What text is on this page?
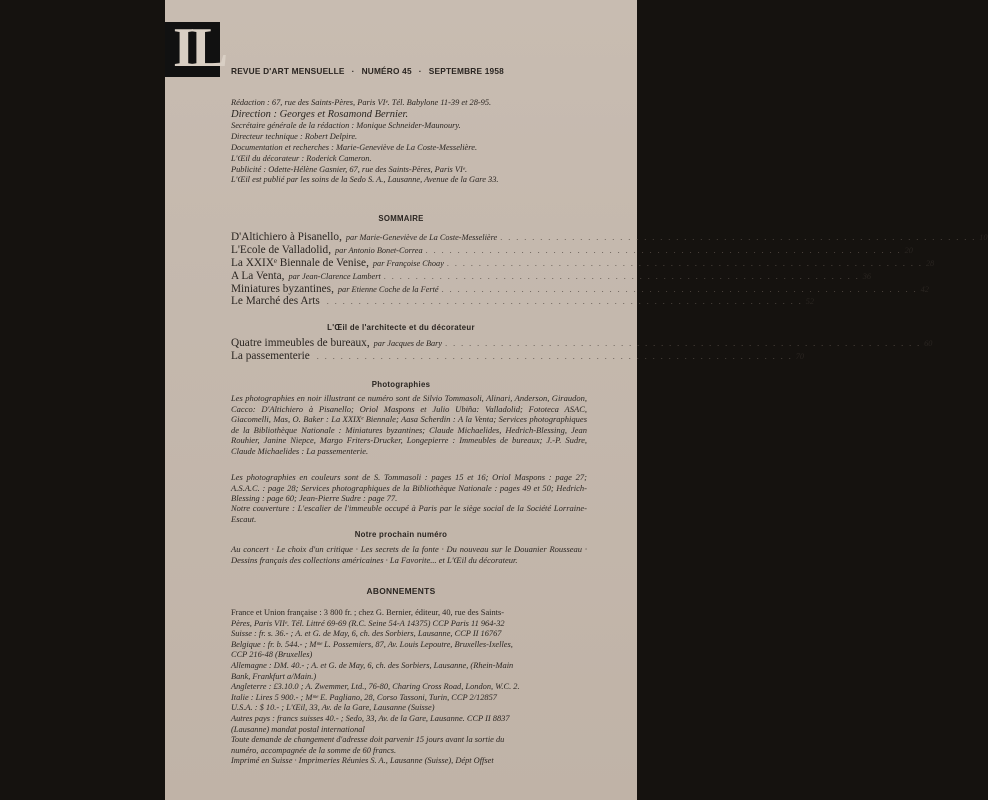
IL REVUE D'ART MENSUELLE · NUMÉRO 45 · SEPTEMBRE 1958
Rédaction : 67, rue des Saints-Pères, Paris VIᵉ. Tél. Babylone 11-39 et 28-95.
Direction : Georges et Rosamond Bernier.
Secrétaire générale de la rédaction : Monique Schneider-Maunoury.
Directeur technique : Robert Delpire.
Documentation et recherches : Marie-Geneviève de La Coste-Messelière.
L'Œil du décorateur : Roderick Cameron.
Publicité : Odette-Hélène Gasnier, 67, rue des Saints-Pères, Paris VIᵉ.
L'Œil est publié par les soins de la Sedo S. A., Lausanne, Avenue de la Gare 33.
SOMMAIRE
D'Altichiero à Pisanello, par Marie-Geneviève de La Coste-Messelière . . . . . . . . . . . . . . . . . . . . . . . . . . . . . . . . . . . . . . . . . . . . . . . . . . . . . . . . . . . . 10
L'Ecole de Valladolid, par Antonio Bonet-Correa . . . . . . . . . . . . . . . . . . . . . . . . . . . . . . . . . . . . . . . . . . . . . . . . . . . . . . . . . . . . 20
La XXIXᵉ Biennale de Venise, par Françoise Choay . . . . . . . . . . . . . . . . . . . . . . . . . . . . . . . . . . . . . . . . . . . . . . . . . . . . . . . . . . . . 28
A La Venta, par Jean-Clarence Lambert . . . . . . . . . . . . . . . . . . . . . . . . . . . . . . . . . . . . . . . . . . . . . . . . . . . . . . . . . . . . 36
Miniatures byzantines, par Etienne Coche de la Ferté . . . . . . . . . . . . . . . . . . . . . . . . . . . . . . . . . . . . . . . . . . . . . . . . . . . . . . . . . . . . 42
Le Marché des Arts . . . . . . . . . . . . . . . . . . . . . . . . . . . . . . . . . . . . . . . . . . . . . . . . . . . . . . . . . . . . 52
L'Œil de l'architecte et du décorateur
Quatre immeubles de bureaux, par Jacques de Bary . . . . . . . . . . . . . . . . . . . . . . . . . . . . . . . . . . . . . . . . . . . . . . . . . . . . . . . . . . . . 60
La passementerie . . . . . . . . . . . . . . . . . . . . . . . . . . . . . . . . . . . . . . . . . . . . . . . . . . . . . . . . . . . . 70
Photographies
Les photographies en noir illustrant ce numéro sont de Silvio Tommasoli, Alinari, Anderson, Giraudon, Cacco: D'Altichiero à Pisanello; Oriol Maspons et Julio Ubiña: Valladolid; Fototeca ASAC, Giacomelli, Mas, O. Baker : La XXIXᵉ Biennale; Aasa Scherdin : A la Venta; Services photographiques de la Bibliothèque Nationale : Miniatures byzantines; Claude Michaelides, Hedrich-Blessing, Jean Rouhier, Janine Niepce, Margo Friters-Drucker, Longepierre : Immeubles de bureaux; J.-P. Sudre, Claude Michaelides : La passementerie.
Les photographies en couleurs sont de S. Tommasoli : pages 15 et 16; Oriol Maspons : page 27; A.S.A.C. : page 28; Services photographiques de la Bibliothèque Nationale : pages 49 et 50; Hedrich-Blessing : page 60; Jean-Pierre Sudre : page 77.
Notre couverture : L'escalier de l'immeuble occupé à Paris par le siège social de la Société Lorraine-Escaut.
Notre prochain numéro
Au concert · Le choix d'un critique · Les secrets de la fonte · Du nouveau sur le Douanier Rousseau · Dessins français des collections américaines · La Favorite... et L'Œil du décorateur.
ABONNEMENTS
France et Union française : 3 800 fr. ; chez G. Bernier, éditeur, 40, rue des Saints-
Pères, Paris VIIᵉ. Tél. Littré 69-69 (R.C. Seine 54-A 14375) CCP Paris 11 964-32
Suisse : fr. s. 36.- ; A. et G. de May, 6, ch. des Sorbiers, Lausanne, CCP II 16767
Belgique : fr. b. 544.- ; Mᵐᵉ L. Possemiers, 87, Av. Louis Lepoutre, Bruxelles-Ixelles,
CCP 216-48 (Bruxelles)
Allemagne : DM. 40.- ; A. et G. de May, 6, ch. des Sorbiers, Lausanne, (Rhein-Main
Bank, Frankfurt a/Main.)
Angleterre : £3.10.0 ; A. Zwemmer, Ltd., 76-80, Charing Cross Road, London, W.C. 2.
Italie : Lires 5 900.- ; Mᵐᵉ E. Pagliano, 28, Corso Tassoni, Turin, CCP 2/12857
U.S.A. : $ 10.- ; L'Œil, 33, Av. de la Gare, Lausanne (Suisse)
Autres pays : francs suisses 40.- ; Sedo, 33, Av. de la Gare, Lausanne. CCP II 8837
(Lausanne) mandat postal international
Toute demande de changement d'adresse doit parvenir 15 jours avant la sortie du
numéro, accompagnée de la somme de 60 francs.
Imprimé en Suisse · Imprimeries Réunies S. A., Lausanne (Suisse), Dépt Offset
